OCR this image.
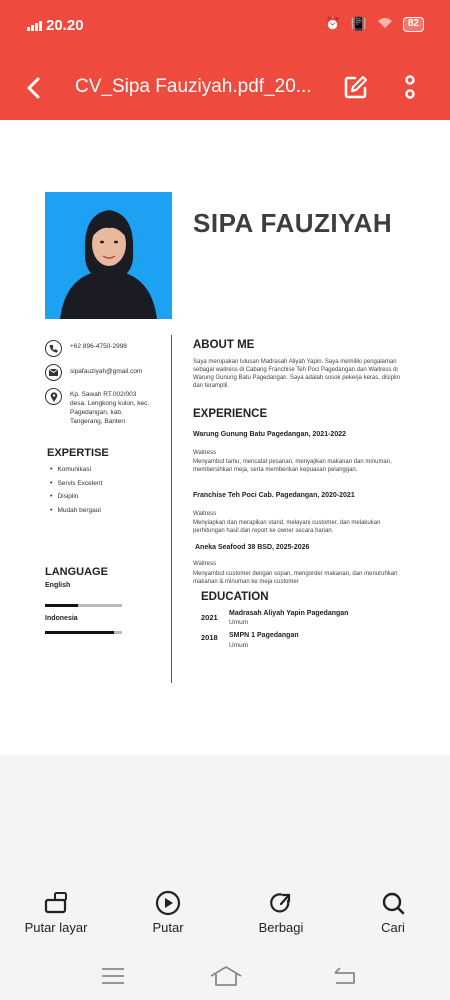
20.20	⏰ 📳	82
CV_Sipa Fauziyah.pdf_20...
SIPA FAUZIYAH
+62 896-4750-2998
sipafauziyah@gmail.com
Kp. Sawah RT.002/003 desa. Lengkong kulon, kec. Pagedangan, kab. Tangerang, Banten
EXPERTISE
• Komunikasi
• Servis Excelent
• Disiplin
• Mudah bergaul
LANGUAGE
English
Indonesia
ABOUT ME
Saya merupakan lulusan Madrasah Aliyah Yapin. Saya memiliki pengalaman sebagai waitress di Cabang Franchise Teh Poci Pagedangan dan Waitress di Warung Gunung Batu Pagedangan. Saya adalah sosok pekerja keras, disiplin dan teramplil.
EXPERIENCE
Warung Gunung Batu Pagedangan, 2021-2022
Waitress
Menyambut tamu, mencatat pesanan, menyajikan makanan dan minuman, membersihkan meja, serta memberikan kepuasan pelanggan.
Franchise Teh Poci Cab. Pagedangan, 2020-2021
Waitress
Menyiapkan dan merapikan stand, melayani customer, dan melakukan perhitungan hasil dan report ke owner secara harian.
Aneka Seafood 38 BSD, 2025-2026
Waitress
Menyambut customer dengan sopan, mengorder makanan, dan menuruhkan makanan & minuman ke meja customer
EDUCATION
2021 Madrasah Aliyah Yapin Pagedangan
Umum
2018 SMPN 1 Pagedangan
Umum
Putar layar	Putar	Berbagi	Cari
